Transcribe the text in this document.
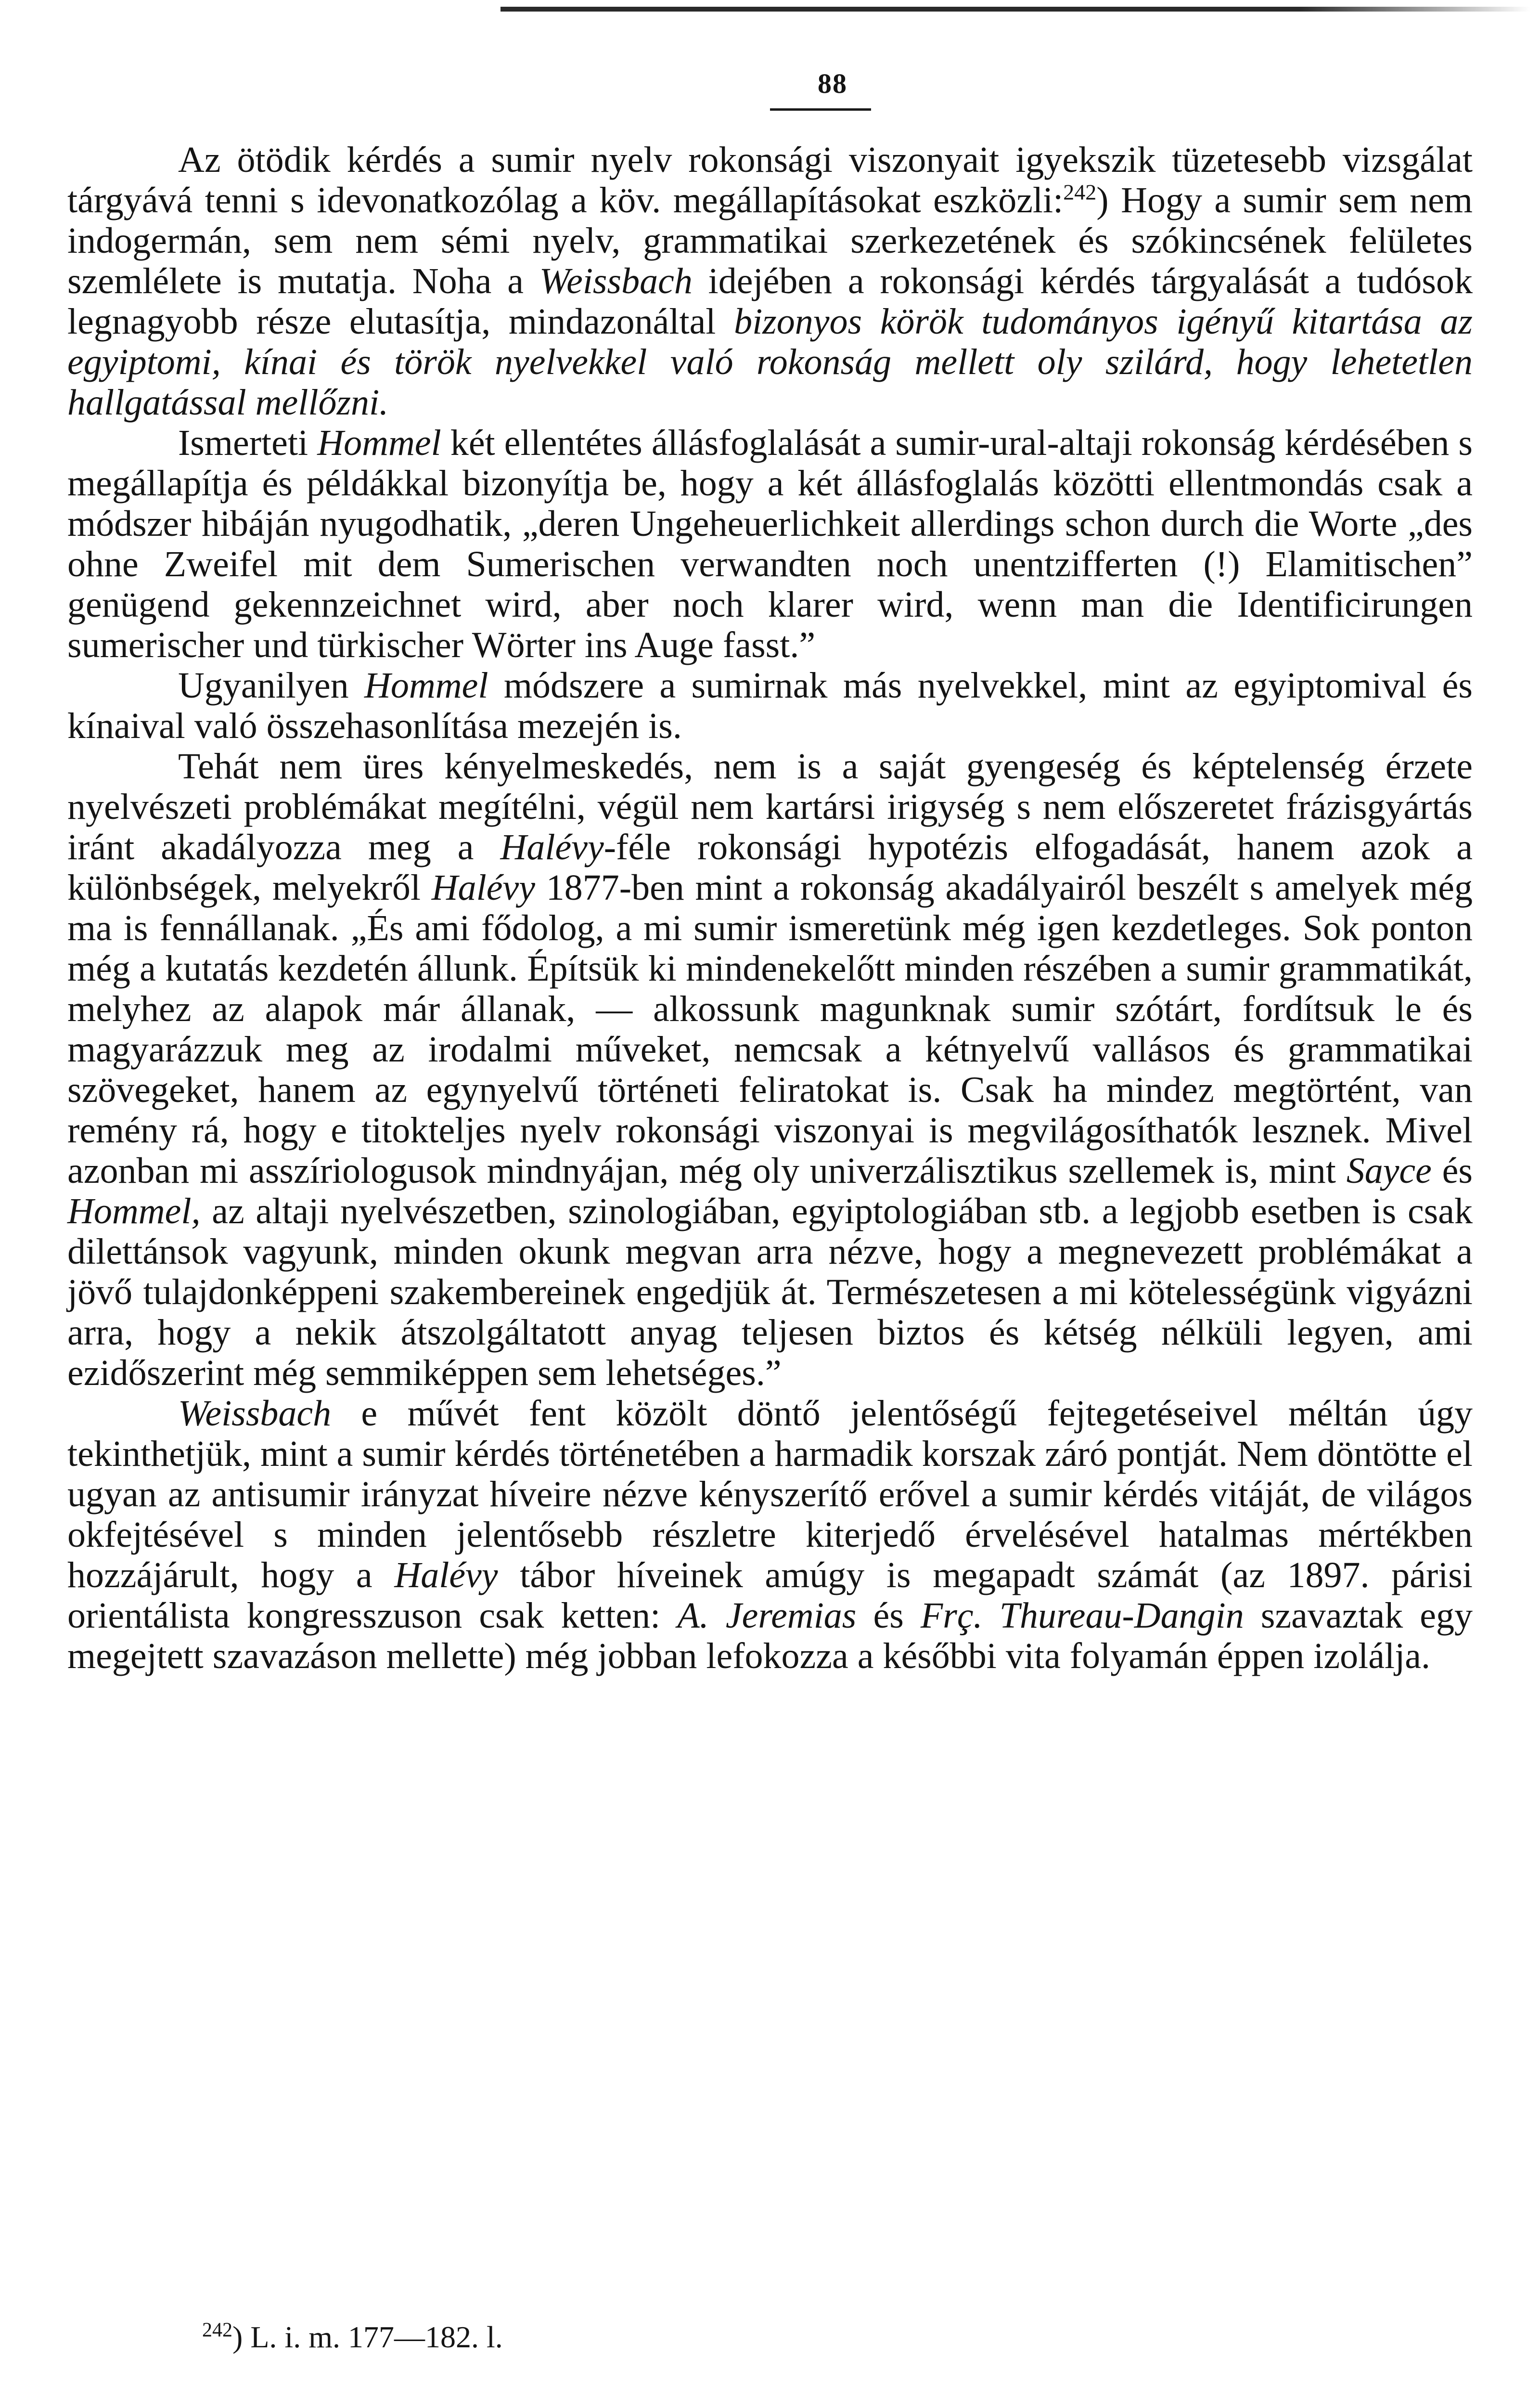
88

Az ötödik kérdés a sumir nyelv rokonsági viszonyait igyekszik tüzetesebb vizsgálat tárgyává tenni s idevonatkozólag a köv. megállapításokat eszközli:$^{242}$) Hogy a sumir sem nem indogermán, sem nem sémi nyelv, grammatikai szerkezetének és szókincsének felületes szemlélete is mutatja. Noha a Weissbach idejében a rokonsági kérdés tárgyalását a tudósok legnagyobb része elutasítja, mindazonáltal bizonyos körök tudományos igényű kitartása az egyiptomi, kínai és török nyelvekkel való rokonság mellett oly szilárd, hogy lehetetlen hallgatással mellőzni.

Ismerteti Hommel két ellentétes állásfoglalását a sumir-ural-altaji rokonság kérdésében s megállapítja és példákkal bizonyítja be, hogy a két állásfoglalás közötti ellentmondás csak a módszer hibáján nyugodhatik, „deren Ungeheuerlichkeit allerdings schon durch die Worte „des ohne Zweifel mit dem Sumerischen verwandten noch unentzifferten (!) Elamitischen” genügend gekennzeichnet wird, aber noch klarer wird, wenn man die Identificirungen sumerischer und türkischer Wörter ins Auge fasst.”

Ugyanilyen Hommel módszere a sumirnak más nyelvekkel, mint az egyiptomival és kínaival való összehasonlítása mezején is.

Tehát nem üres kényelmeskedés, nem is a saját gyengeség és képtelenség érzete nyelvészeti problémákat megítélni, végül nem kartársi irigység s nem előszeretet frázisgyártás iránt akadályozza meg a Halévy-féle rokonsági hypotézis elfogadását, hanem azok a különbségek, melyekről Halévy 1877-ben mint a rokonság akadályairól beszélt s amelyek még ma is fennállanak. „És ami fődolog, a mi sumir ismeretünk még igen kezdetleges. Sok ponton még a kutatás kezdetén állunk. Építsük ki mindenekelőtt minden részében a sumir grammatikát, melyhez az alapok már állanak, — alkossunk magunknak sumir szótárt, fordítsuk le és magyarázzuk meg az irodalmi műveket, nemcsak a kétnyelvű vallásos és grammatikai szövegeket, hanem az egynyelvű történeti feliratokat is. Csak ha mindez megtörtént, van remény rá, hogy e titokteljes nyelv rokonsági viszonyai is megvilágosíthatók lesznek. Mivel azonban mi asszíriologusok mindnyájan, még oly univerzálisztikus szellemek is, mint Sayce és Hommel, az altaji nyelvészetben, szinologiában, egyiptologiában stb. a legjobb esetben is csak dilettánsok vagyunk, minden okunk megvan arra nézve, hogy a megnevezett problémákat a jövő tulajdonképpeni szakembereinek engedjük át. Természetesen a mi kötelességünk vigyázni arra, hogy a nekik átszolgáltatott anyag teljesen biztos és kétség nélküli legyen, ami ezidőszerint még semmiképpen sem lehetséges.”

Weissbach e művét fent közölt döntő jelentőségű fejtegetéseivel méltán úgy tekinthetjük, mint a sumir kérdés történetében a harmadik korszak záró pontját. Nem döntötte el ugyan az antisumir irányzat híveire nézve kényszerítő erővel a sumir kérdés vitáját, de világos okfejtésével s minden jelentősebb részletre kiterjedő érvelésével hatalmas mértékben hozzájárult, hogy a Halévy tábor híveinek amúgy is megapadt számát (az 1897. párisi orientálista kongresszuson csak ketten: A. Jeremias és Frç. Thureau-Dangin szavaztak egy megejtett szavazáson mellette) még jobban lefokozza a későbbi vita folyamán éppen izolálja.

$^{242}$) L. i. m. 177—182. l.
